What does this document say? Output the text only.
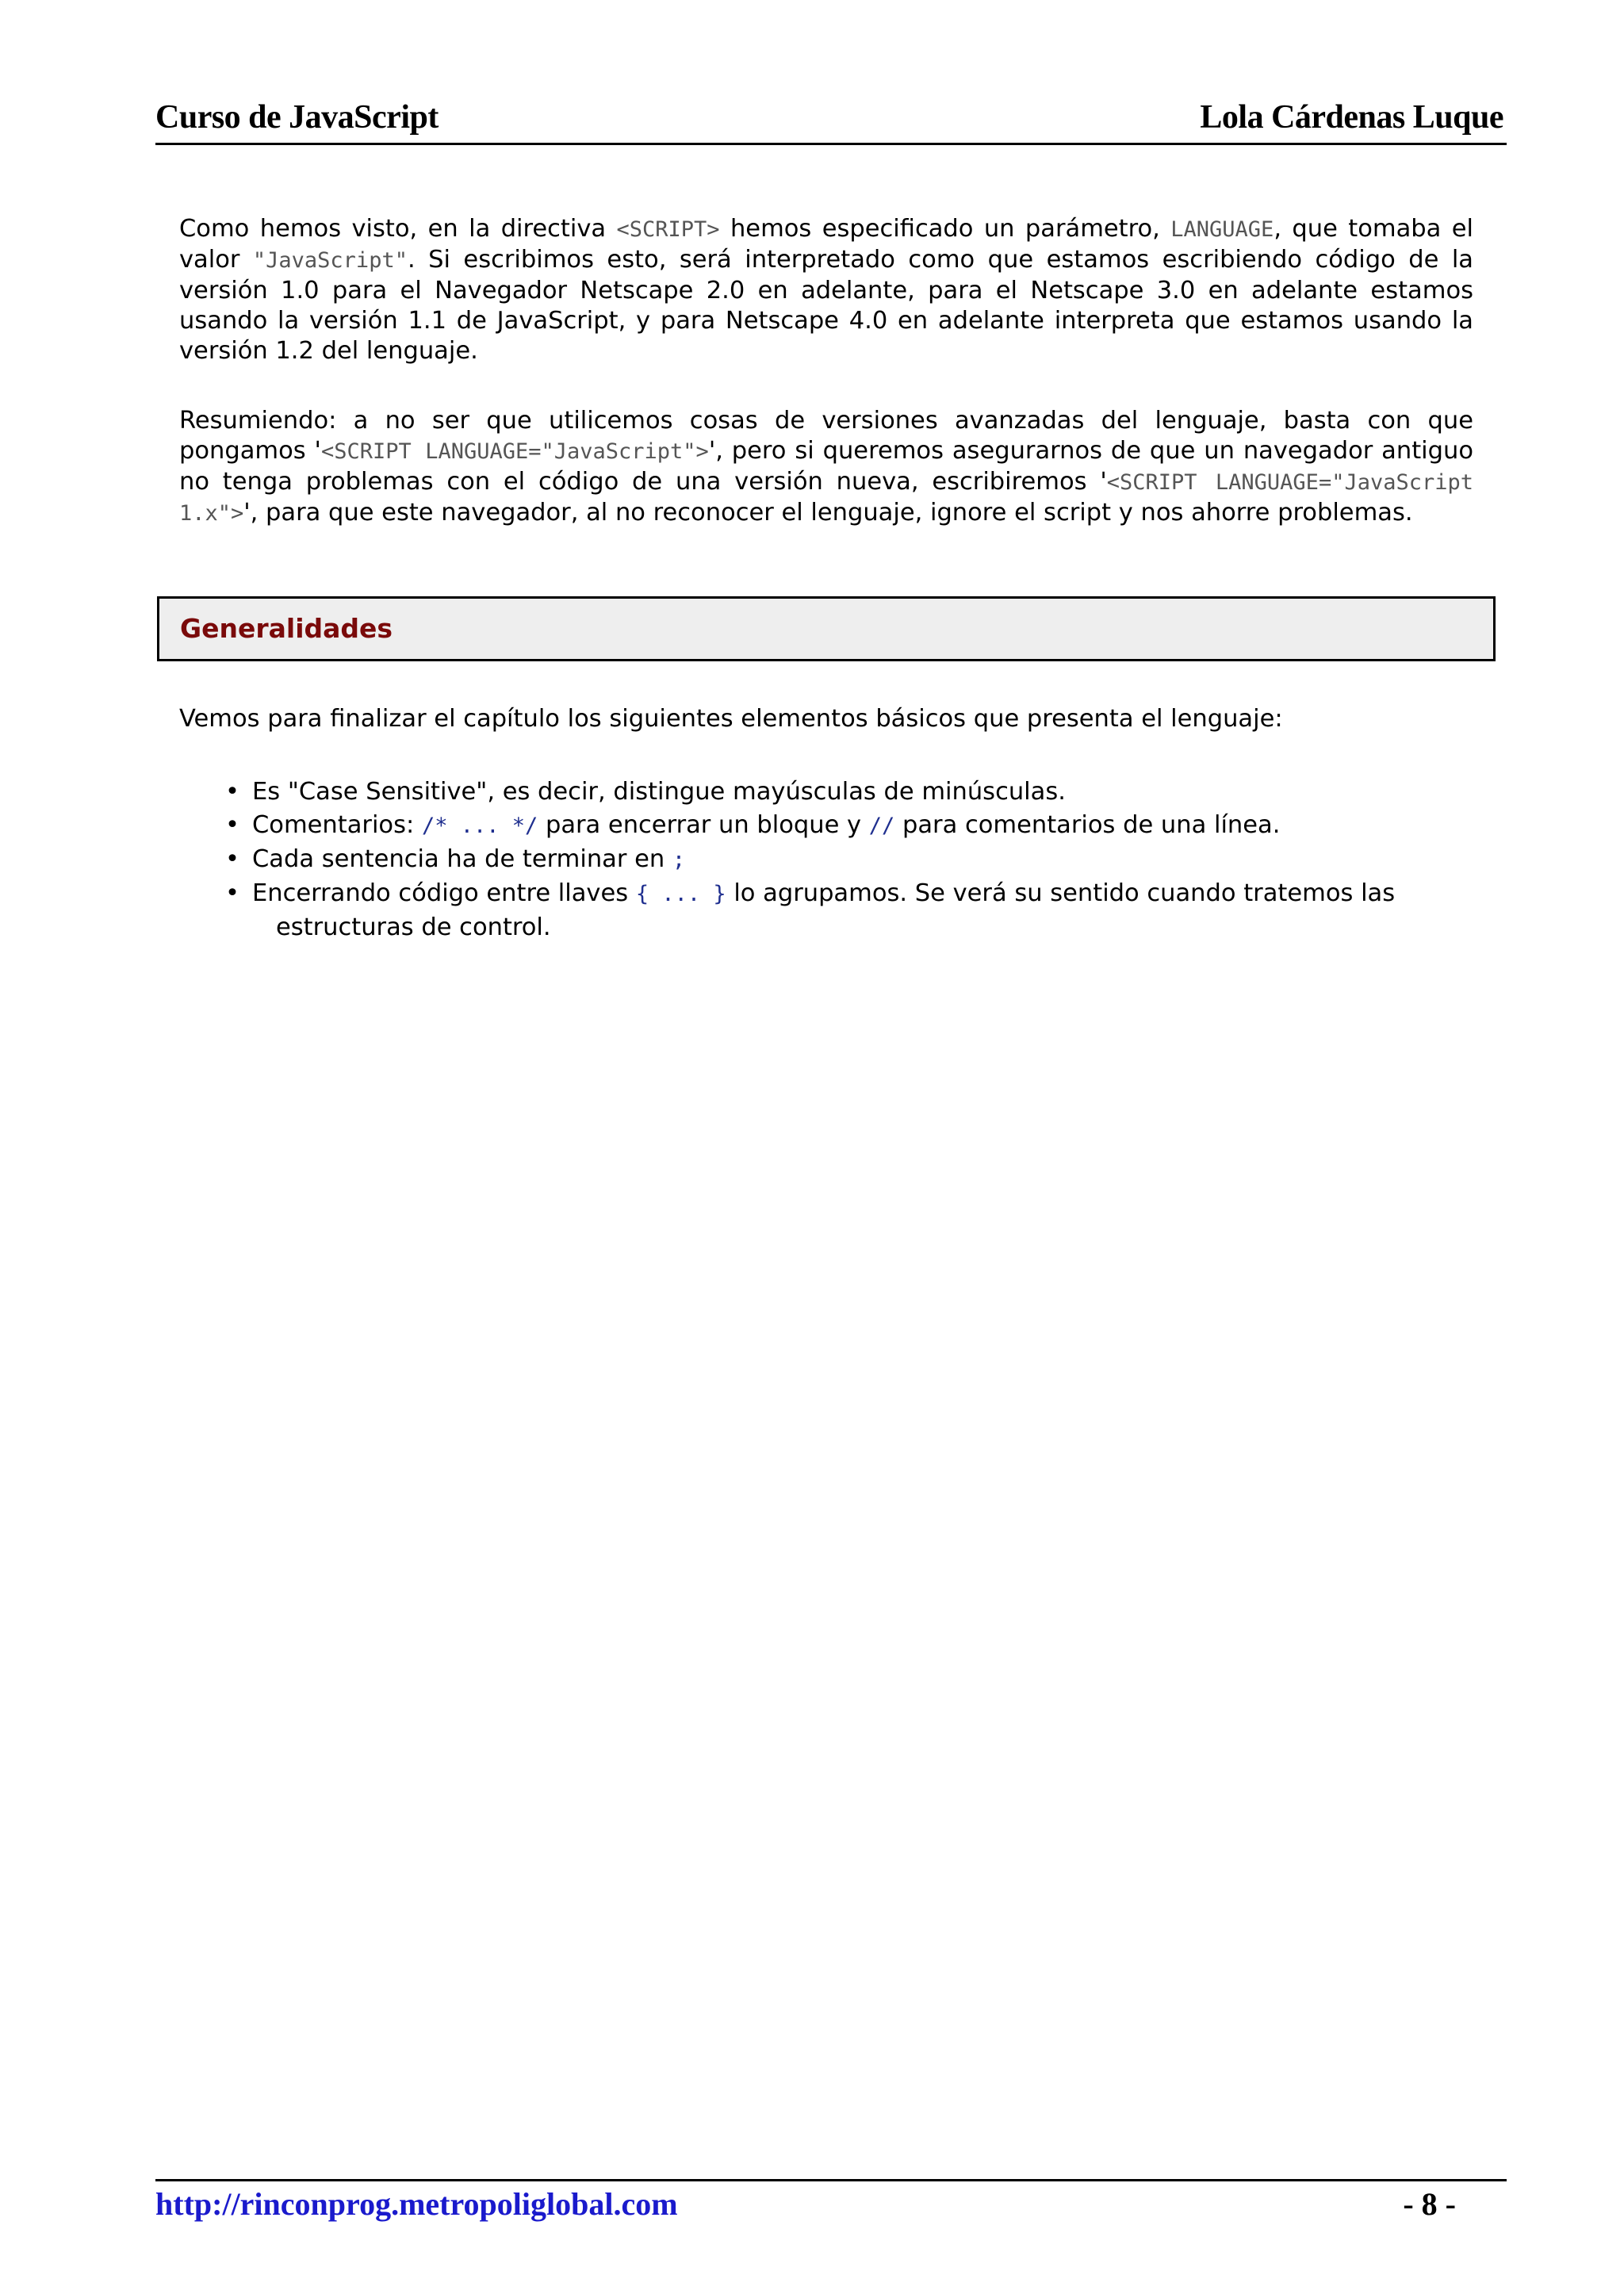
Curso de JavaScript	Lola Cárdenas Luque
Como hemos visto, en la directiva <SCRIPT> hemos especificado un parámetro, LANGUAGE, que tomaba el valor "JavaScript". Si escribimos esto, será interpretado como que estamos escribiendo código de la versión 1.0 para el Navegador Netscape 2.0 en adelante, para el Netscape 3.0 en adelante estamos usando la versión 1.1 de JavaScript, y para Netscape 4.0 en adelante interpreta que estamos usando la versión 1.2 del lenguaje.
Resumiendo: a no ser que utilicemos cosas de versiones avanzadas del lenguaje, basta con que pongamos '<SCRIPT LANGUAGE="JavaScript">', pero si queremos asegurarnos de que un navegador antiguo no tenga problemas con el código de una versión nueva, escribiremos '<SCRIPT LANGUAGE="JavaScript 1.x">', para que este navegador, al no reconocer el lenguaje, ignore el script y nos ahorre problemas.
Generalidades
Vemos para finalizar el capítulo los siguientes elementos básicos que presenta el lenguaje:
• Es "Case Sensitive", es decir, distingue mayúsculas de minúsculas.
• Comentarios: /* ... */ para encerrar un bloque y // para comentarios de una línea.
• Cada sentencia ha de terminar en ;
• Encerrando código entre llaves { ... } lo agrupamos. Se verá su sentido cuando tratemos las
estructuras de control.
http://rinconprog.metropoliglobal.com	- 8 -
